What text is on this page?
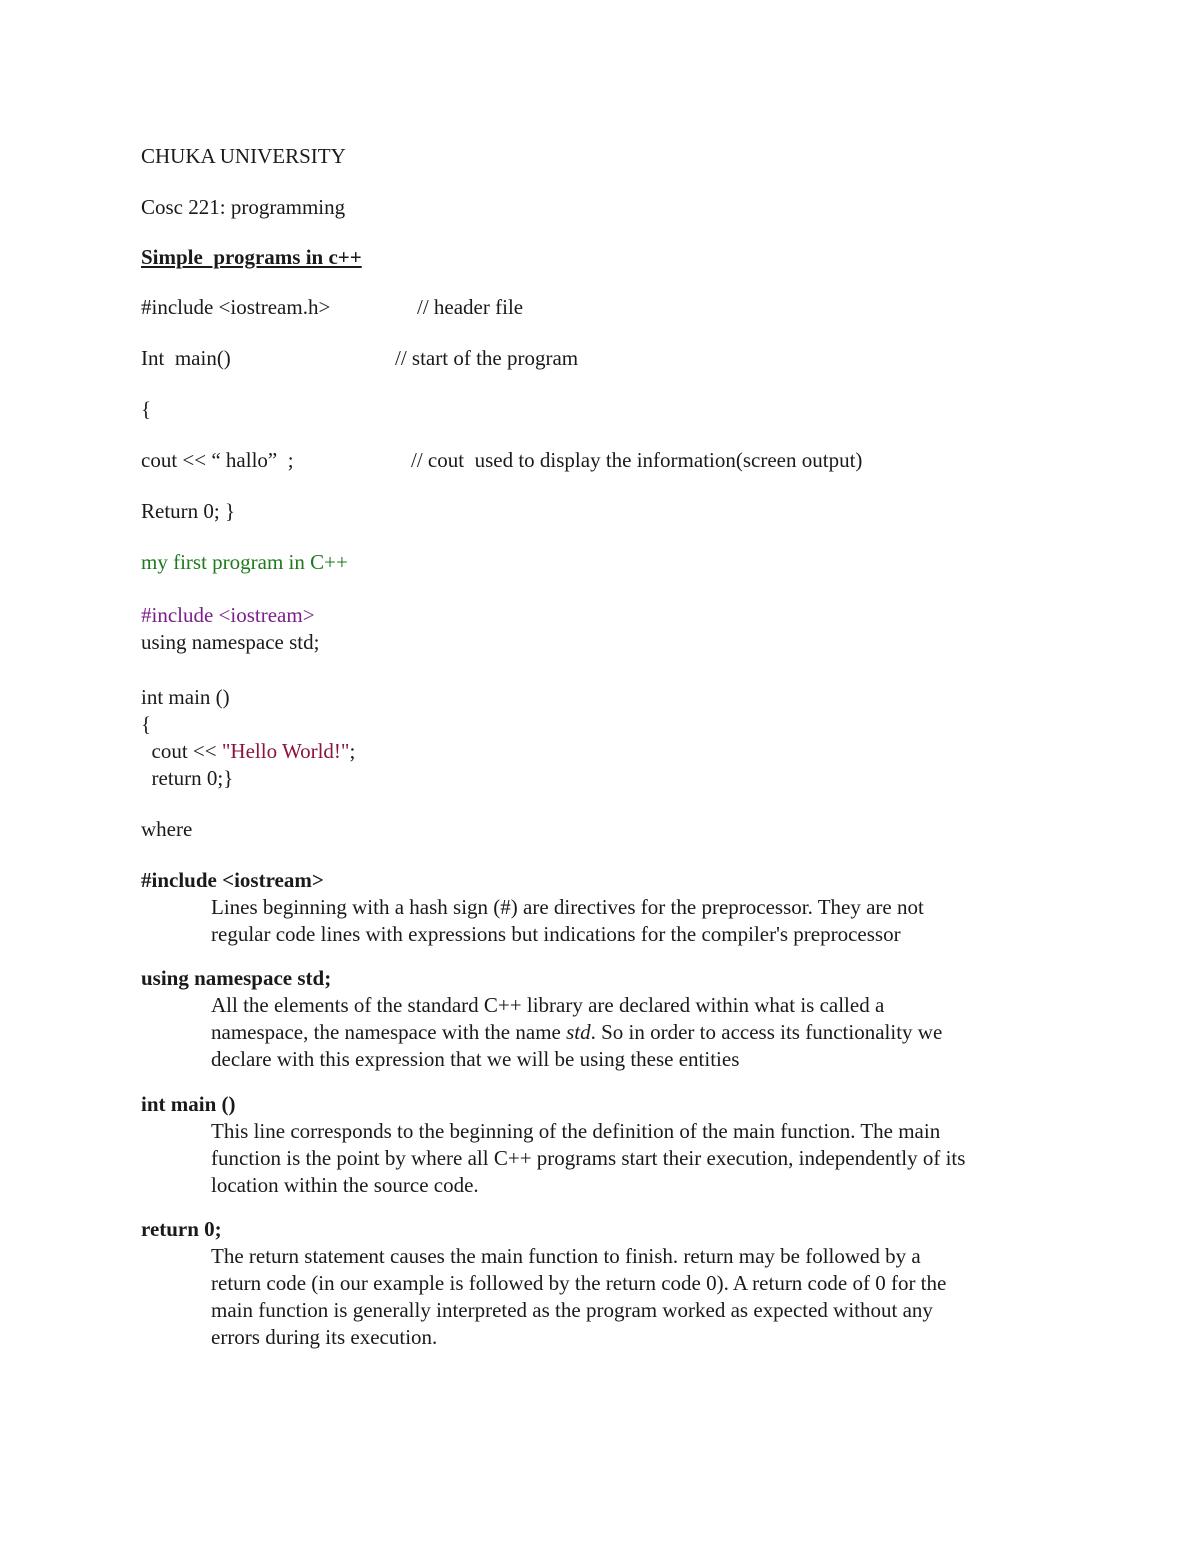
CHUKA UNIVERSITY
Cosc 221: programming
Simple  programs in c++
#include <iostream.h>	// header file
Int  main()	// start of the program
{
cout << “ hallo”  ;	// cout  used to display the information(screen output)
Return 0; }
my first program in C++
#include <iostream>
using namespace std;
int main ()
{
cout << "Hello World!";
return 0;}
where
#include <iostream>
Lines beginning with a hash sign (#) are directives for the preprocessor. They are not
regular code lines with expressions but indications for the compiler's preprocessor
using namespace std;
All the elements of the standard C++ library are declared within what is called a
namespace, the namespace with the name std. So in order to access its functionality we
declare with this expression that we will be using these entities
int main ()
This line corresponds to the beginning of the definition of the main function. The main
function is the point by where all C++ programs start their execution, independently of its
location within the source code.
return 0;
The return statement causes the main function to finish. return may be followed by a
return code (in our example is followed by the return code 0). A return code of 0 for the
main function is generally interpreted as the program worked as expected without any
errors during its execution.
